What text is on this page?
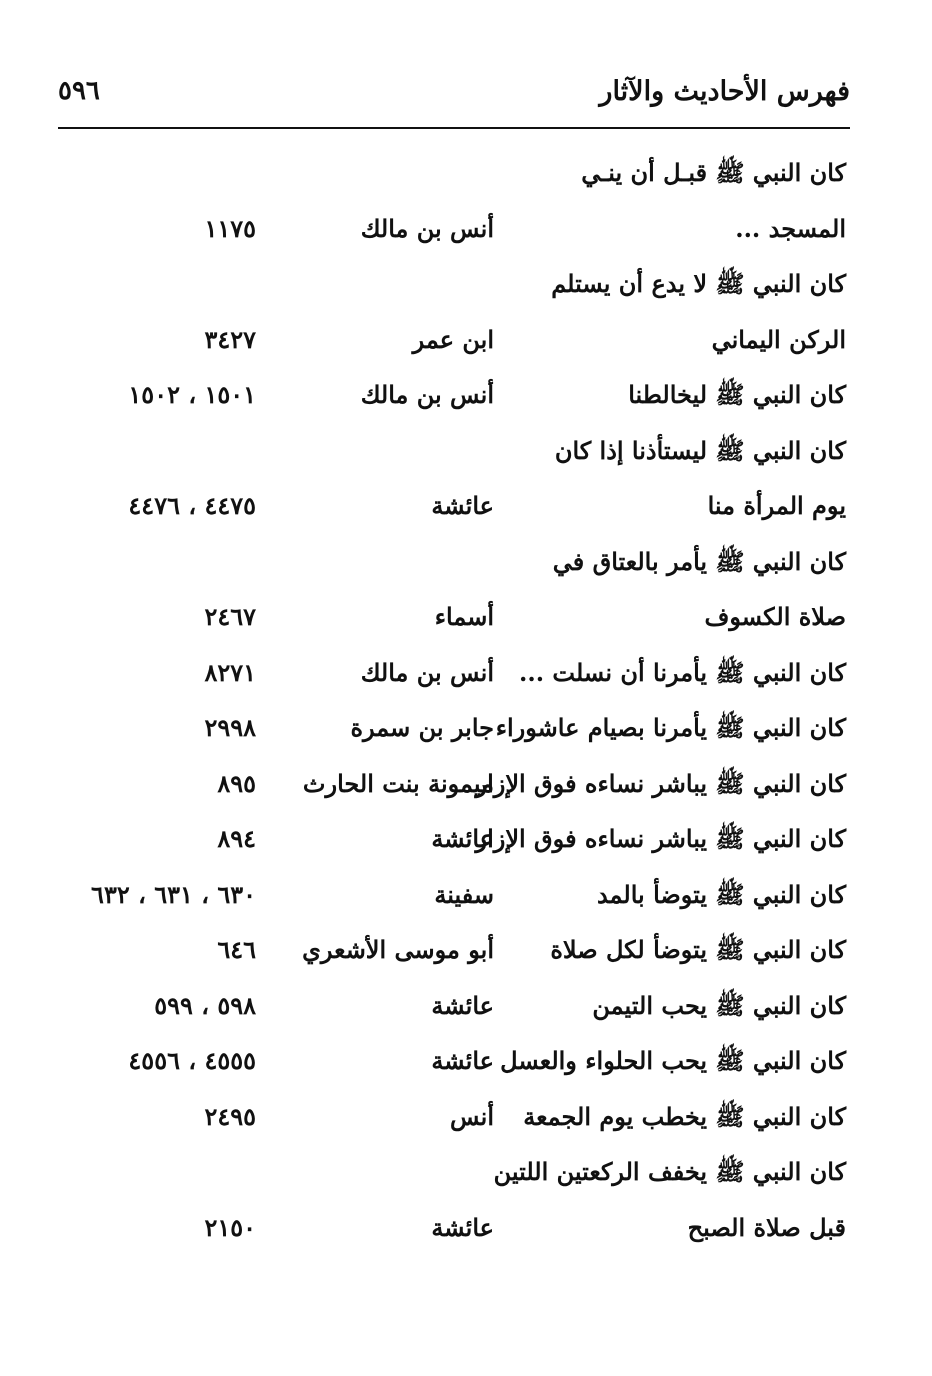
فهرس الأحاديث والآثار
٥٩٦
كان النبي ﷺ قبـل أن ينـي
المسجد ...
أنس بن مالك
١١٧٥
كان النبي ﷺ لا يدع أن يستلم
الركن اليماني
ابن عمر
٣٤٢٧
كان النبي ﷺ ليخالطنا
أنس بن مالك
١٥٠١ ، ١٥٠٢
كان النبي ﷺ ليستأذنا إذا كان
يوم المرأة منا
عائشة
٤٤٧٥ ، ٤٤٧٦
كان النبي ﷺ يأمر بالعتاق في
صلاة الكسوف
أسماء
٢٤٦٧
كان النبي ﷺ يأمرنا أن نسلت ...
أنس بن مالك
٨٢٧١
كان النبي ﷺ يأمرنا بصيام عاشوراء
جابر بن سمرة
٢٩٩٨
كان النبي ﷺ يباشر نساءه فوق الإزار
ميمونة بنت الحارث
٨٩٥
كان النبي ﷺ يباشر نساءه فوق الإزار
عائشة
٨٩٤
كان النبي ﷺ يتوضأ بالمد
سفينة
٦٣٠ ، ٦٣١ ، ٦٣٢
كان النبي ﷺ يتوضأ لكل صلاة
أبو موسى الأشعري
٦٤٦
كان النبي ﷺ يحب التيمن
عائشة
٥٩٨ ، ٥٩٩
كان النبي ﷺ يحب الحلواء والعسل
عائشة
٤٥٥٥ ، ٤٥٥٦
كان النبي ﷺ يخطب يوم الجمعة
أنس
٢٤٩٥
كان النبي ﷺ يخفف الركعتين اللتين
قبل صلاة الصبح
عائشة
٢١٥٠
